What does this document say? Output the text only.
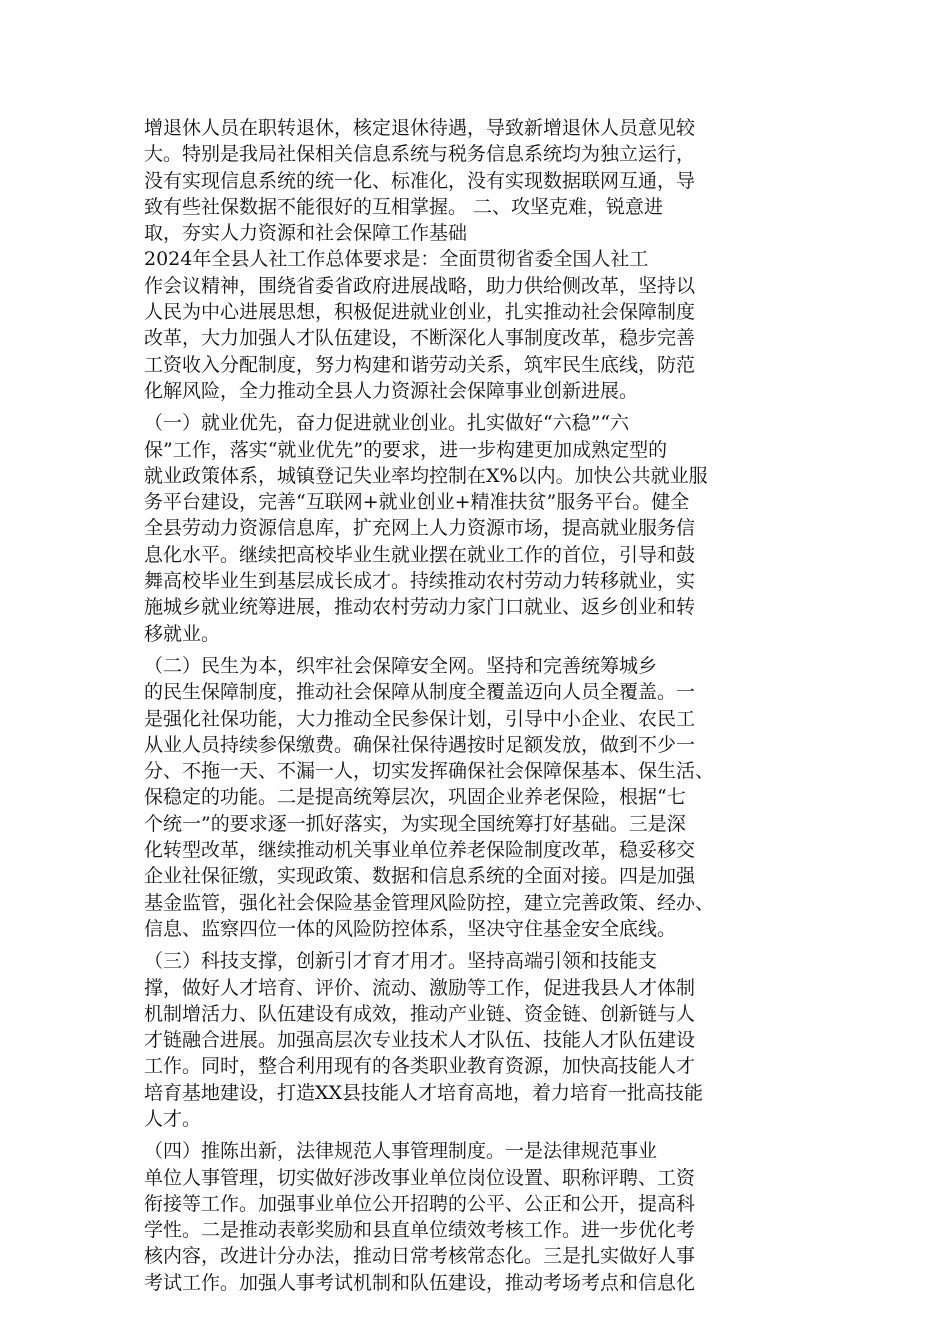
增退休人员在职转退休，核定退休待遇，导致新增退休人员意见较
大。特别是我局社保相关信息系统与税务信息系统均为独立运行，
没有实现信息系统的统一化、标准化，没有实现数据联网互通，导
致有些社保数据不能很好的互相掌握。 二、攻坚克难，锐意进
取，夯实人力资源和社会保障工作基础
2024年全县人社工作总体要求是：全面贯彻省委全国人社工
作会议精神，围绕省委省政府进展战略，助力供给侧改革，坚持以
人民为中心进展思想，积极促进就业创业，扎实推动社会保障制度
改革，大力加强人才队伍建设，不断深化人事制度改革，稳步完善
工资收入分配制度，努力构建和谐劳动关系，筑牢民生底线，防范
化解风险，全力推动全县人力资源社会保障事业创新进展。
（一）就业优先，奋力促进就业创业。扎实做好“六稳”“六
保”工作，落实“就业优先”的要求，进一步构建更加成熟定型的
就业政策体系，城镇登记失业率均控制在X%以内。加快公共就业服
务平台建设，完善“互联网+就业创业+精准扶贫”服务平台。健全
全县劳动力资源信息库，扩充网上人力资源市场，提高就业服务信
息化水平。继续把高校毕业生就业摆在就业工作的首位，引导和鼓
舞高校毕业生到基层成长成才。持续推动农村劳动力转移就业，实
施城乡就业统筹进展，推动农村劳动力家门口就业、返乡创业和转
移就业。
（二）民生为本，织牢社会保障安全网。坚持和完善统筹城乡
的民生保障制度，推动社会保障从制度全覆盖迈向人员全覆盖。一
是强化社保功能，大力推动全民参保计划，引导中小企业、农民工
从业人员持续参保缴费。确保社保待遇按时足额发放，做到不少一
分、不拖一天、不漏一人，切实发挥确保社会保障保基本、保生活、
保稳定的功能。二是提高统筹层次，巩固企业养老保险，根据“七
个统一”的要求逐一抓好落实，为实现全国统筹打好基础。三是深
化转型改革，继续推动机关事业单位养老保险制度改革，稳妥移交
企业社保征缴，实现政策、数据和信息系统的全面对接。四是加强
基金监管，强化社会保险基金管理风险防控，建立完善政策、经办、
信息、监察四位一体的风险防控体系，坚决守住基金安全底线。
（三）科技支撑，创新引才育才用才。坚持高端引领和技能支
撑，做好人才培育、评价、流动、激励等工作，促进我县人才体制
机制增活力、队伍建设有成效，推动产业链、资金链、创新链与人
才链融合进展。加强高层次专业技术人才队伍、技能人才队伍建设
工作。同时，整合利用现有的各类职业教育资源，加快高技能人才
培育基地建设，打造XX县技能人才培育高地，着力培育一批高技能
人才。
（四）推陈出新，法律规范人事管理制度。一是法律规范事业
单位人事管理，切实做好涉改事业单位岗位设置、职称评聘、工资
衔接等工作。加强事业单位公开招聘的公平、公正和公开，提高科
学性。二是推动表彰奖励和县直单位绩效考核工作。进一步优化考
核内容，改进计分办法，推动日常考核常态化。三是扎实做好人事
考试工作。加强人事考试机制和队伍建设，推动考场考点和信息化
